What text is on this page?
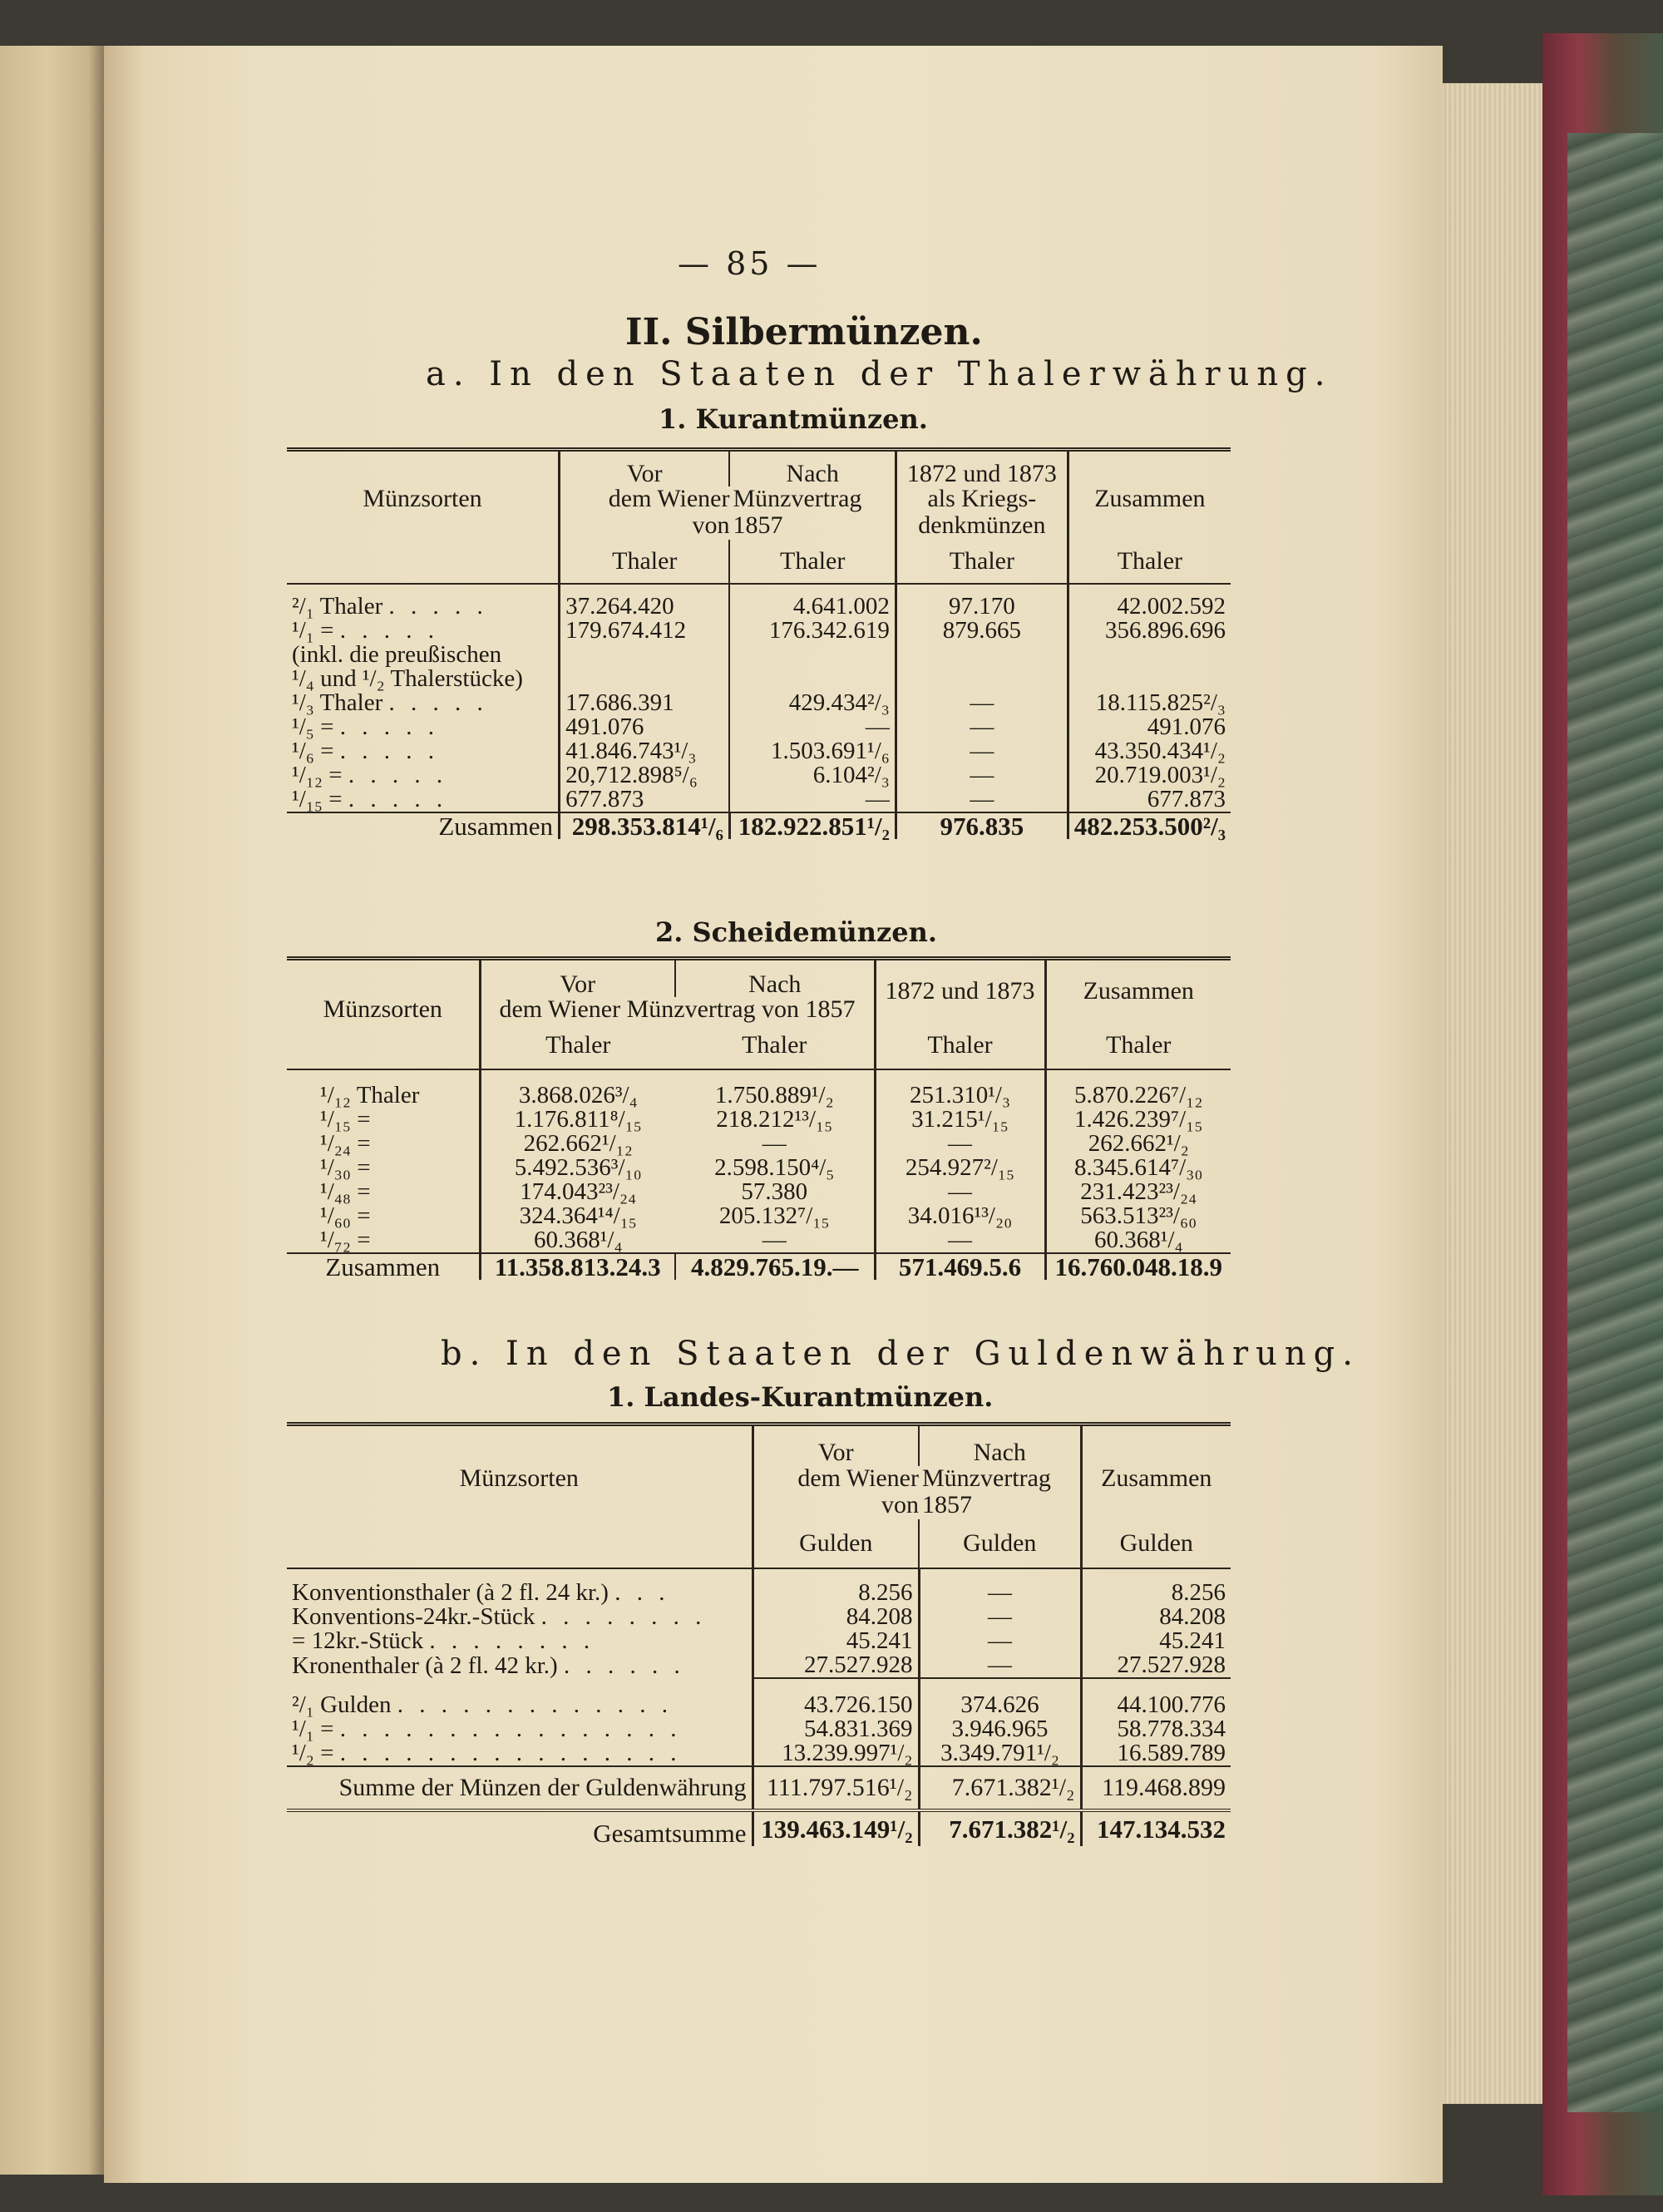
— 85 —
II. Silbermünzen.
a. In den Staaten der Thalerwährung.
1. Kurantmünzen.
	Vor	Nach	1872 und 1873	
Münzsorten	dem Wiener	Münzvertrag	als Kriegs-	Zusammen
	von	1857	denkmünzen	
	Thaler	Thaler	Thaler	Thaler
²/₁ Thaler . . . . .	37.264.420	4.641.002	97.170	42.002.592
¹/₁ = . . . . .	179.674.412	176.342.619	879.665	356.896.696
(inkl. die preußischen				
¹/₄ und ¹/₂ Thalerstücke)				
¹/₃ Thaler . . . . .	17.686.391	429.434²/₃	—	18.115.825²/₃
¹/₅ = . . . . .	491.076	—	—	491.076
¹/₆ = . . . . .	41.846.743¹/₃	1.503.691¹/₆	—	43.350.434¹/₂
¹/₁₂ = . . . . .	20,712.898⁵/₆	6.104²/₃	—	20.719.003¹/₂
¹/₁₅ = . . . . .	677.873	—	—	677.873
Zusammen	298.353.814¹/₆	182.922.851¹/₂	976.835	482.253.500²/₃
2. Scheidemünzen.
	Vor	Nach	1872 und 1873	Zusammen
Münzsorten	dem Wiener Münzvertrag von 1857			
	Thaler	Thaler	Thaler	Thaler
¹/₁₂ Thaler	3.868.026³/₄	1.750.889¹/₂	251.310¹/₃	5.870.226⁷/₁₂
¹/₁₅ =	1.176.811⁸/₁₅	218.212¹³/₁₅	31.215¹/₁₅	1.426.239⁷/₁₅
¹/₂₄ =	262.662¹/₁₂	—	—	262.662¹/₂
¹/₃₀ =	5.492.536³/₁₀	2.598.150⁴/₅	254.927²/₁₅	8.345.614⁷/₃₀
¹/₄₈ =	174.043²³/₂₄	57.380	—	231.423²³/₂₄
¹/₆₀ =	324.364¹⁴/₁₅	205.132⁷/₁₅	34.016¹³/₂₀	563.513²³/₆₀
¹/₇₂ =	60.368¹/₄	—	—	60.368¹/₄
Zusammen	11.358.813.24.3	4.829.765.19.—	571.469.5.6	16.760.048.18.9
b. In den Staaten der Guldenwährung.
1. Landes-Kurantmünzen.
	Vor	Nach	
Münzsorten	dem Wiener	Münzvertrag	Zusammen
	von	1857	
	Gulden	Gulden	Gulden
Konventionsthaler (à 2 fl. 24 kr.) . . .	8.256	—	8.256
Konventions-24kr.-Stück . . . . . . . .	84.208	—	84.208
= 12kr.-Stück . . . . . . . .	45.241	—	45.241
Kronenthaler (à 2 fl. 42 kr.) . . . . . .	27.527.928	—	27.527.928

²/₁ Gulden . . . . . . . . . . . . .	43.726.150	374.626	44.100.776
¹/₁ = . . . . . . . . . . . . . . . .	54.831.369	3.946.965	58.778.334
¹/₂ = . . . . . . . . . . . . . . . .	13.239.997¹/₂	3.349.791¹/₂	16.589.789
Summe der Münzen der Guldenwährung	111.797.516¹/₂	7.671.382¹/₂	119.468.899
Gesamtsumme	139.463.149¹/₂	7.671.382¹/₂	147.134.532
